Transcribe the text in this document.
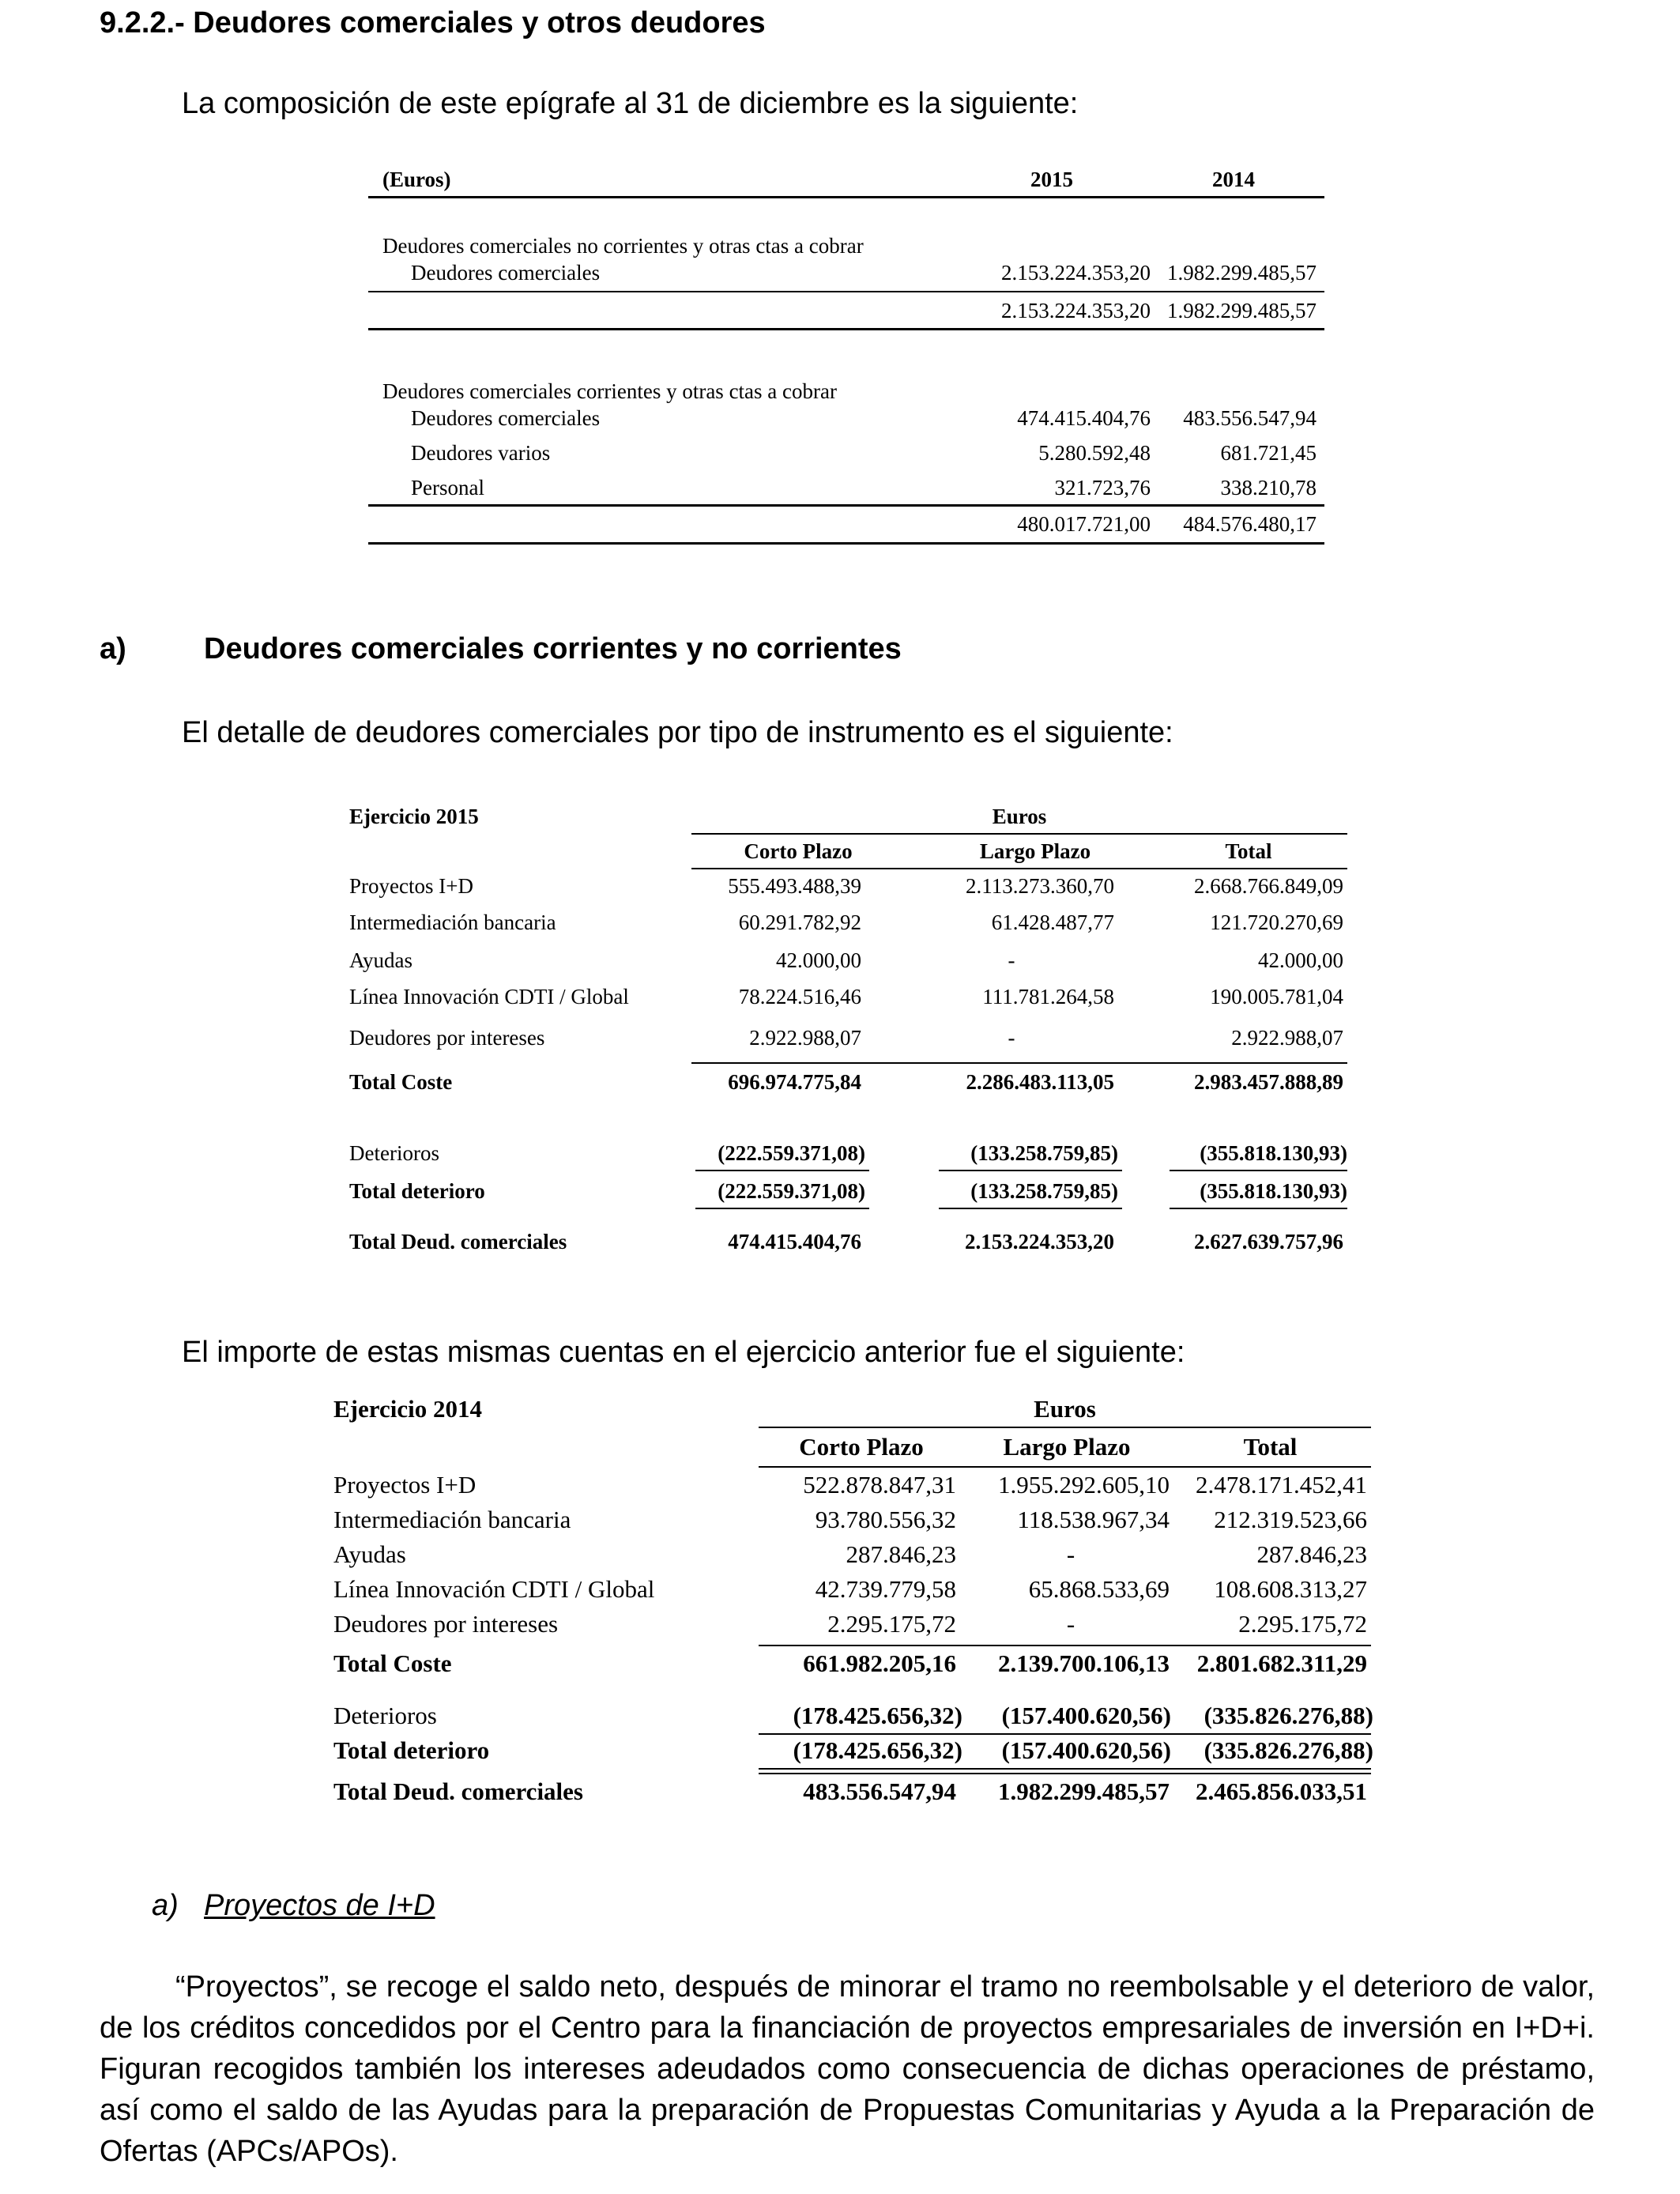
9.2.2.- Deudores comerciales y otros deudores
La composición de este epígrafe al 31 de diciembre es la siguiente:
(Euros)	2015	2014
Deudores comerciales no corrientes y otras ctas a cobrar
Deudores comerciales	2.153.224.353,20 1.982.299.485,57
2.153.224.353,20 1.982.299.485,57
Deudores comerciales corrientes y otras ctas a cobrar
Deudores comerciales	474.415.404,76	483.556.547,94
Deudores varios	5.280.592,48	681.721,45
Personal	321.723,76	338.210,78
480.017.721,00	484.576.480,17
a)	Deudores comerciales corrientes y no corrientes
El detalle de deudores comerciales por tipo de instrumento es el siguiente:
Ejercicio 2015	Euros
Corto Plazo	Largo Plazo	Total
Proyectos I+D	555.493.488,39	2.113.273.360,70	2.668.766.849,09
Intermediación bancaria	60.291.782,92	61.428.487,77	121.720.270,69
Ayudas	42.000,00	-	42.000,00
Línea Innovación CDTI / Global	78.224.516,46	111.781.264,58	190.005.781,04
Deudores por intereses	2.922.988,07	-	2.922.988,07
Total Coste	696.974.775,84	2.286.483.113,05	2.983.457.888,89
Deterioros	(222.559.371,08)	(133.258.759,85)	(355.818.130,93)
Total deterioro	(222.559.371,08)	(133.258.759,85)	(355.818.130,93)
Total Deud. comerciales	474.415.404,76	2.153.224.353,20	2.627.639.757,96
El importe de estas mismas cuentas en el ejercicio anterior fue el siguiente:
Ejercicio 2014	Euros
Corto Plazo	Largo Plazo	Total
Proyectos I+D	522.878.847,31	1.955.292.605,10	2.478.171.452,41
Intermediación bancaria	93.780.556,32	118.538.967,34	212.319.523,66
Ayudas	287.846,23	-	287.846,23
Línea Innovación CDTI / Global	42.739.779,58	65.868.533,69	108.608.313,27
Deudores por intereses	2.295.175,72	-	2.295.175,72
Total Coste	661.982.205,16	2.139.700.106,13	2.801.682.311,29
Deterioros	(178.425.656,32)	(157.400.620,56)	(335.826.276,88)
Total deterioro	(178.425.656,32)	(157.400.620,56)	(335.826.276,88)
Total Deud. comerciales	483.556.547,94	1.982.299.485,57	2.465.856.033,51
a) Proyectos de I+D
“Proyectos”, se recoge el saldo neto, después de minorar el tramo no reembolsable y el deterioro de valor, de los créditos concedidos por el Centro para la financiación de proyectos empresariales de inversión en I+D+i. Figuran recogidos también los intereses adeudados como consecuencia de dichas operaciones de préstamo, así como el saldo de las Ayudas para la preparación de Propuestas Comunitarias y Ayuda a la Preparación de Ofertas (APCs/APOs).
